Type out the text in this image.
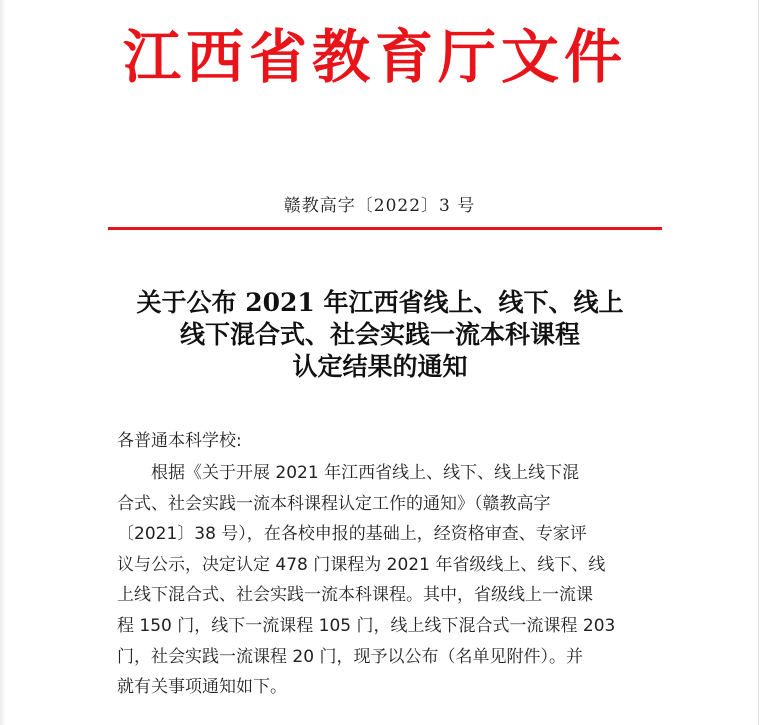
江西省教育厅文件
赣教高字〔2022〕3 号
关于公布 2021 年江西省线上、线下、线上
线下混合式、社会实践一流本科课程
认定结果的通知
各普通本科学校:
根据《关于开展 2021 年江西省线上、线下、线上线下混
合式、社会实践一流本科课程认定工作的通知》（赣教高字
〔2021〕38 号），在各校申报的基础上，经资格审查、专家评
议与公示，决定认定 478 门课程为 2021 年省级线上、线下、线
上线下混合式、社会实践一流本科课程。其中，省级线上一流课
程 150 门，线下一流课程 105 门，线上线下混合式一流课程 203
门，社会实践一流课程 20 门，现予以公布（名单见附件）。并
就有关事项通知如下。
